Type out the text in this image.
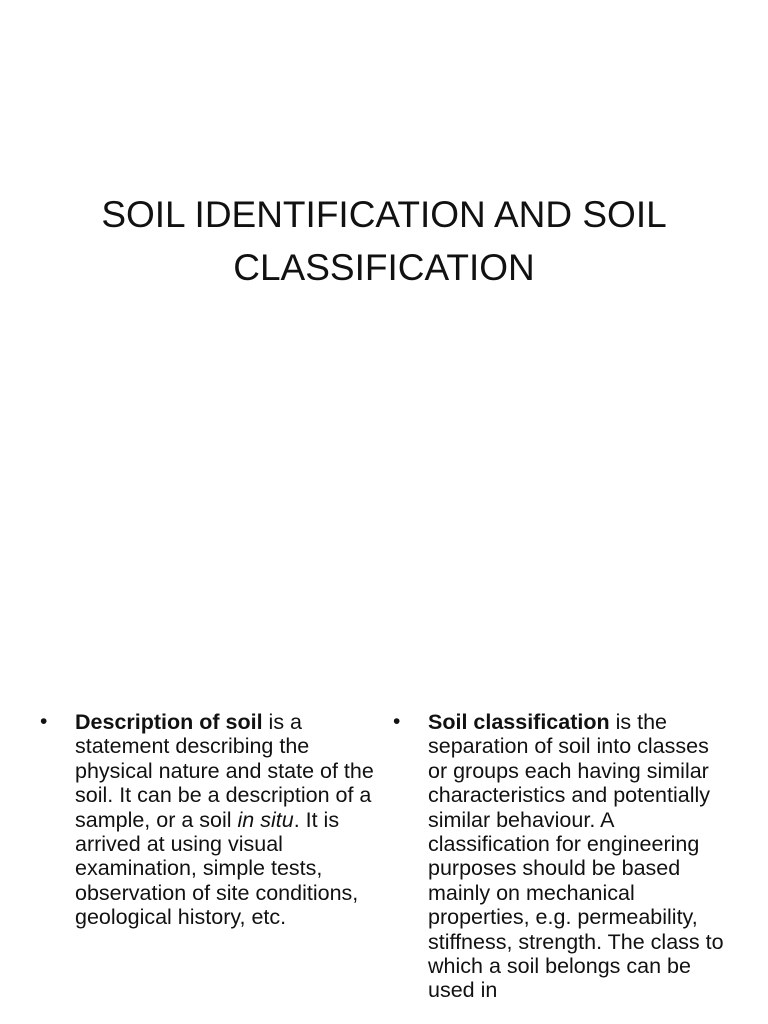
SOIL IDENTIFICATION AND SOIL CLASSIFICATION

• Description of soil is a statement describing the physical nature and state of the soil. It can be a description of a sample, or a soil in situ. It is arrived at using visual examination, simple tests, observation of site conditions, geological history, etc.

• Soil classification is the separation of soil into classes or groups each having similar characteristics and potentially similar behaviour. A classification for engineering purposes should be based mainly on mechanical properties, e.g. permeability, stiffness, strength. The class to which a soil belongs can be used in
